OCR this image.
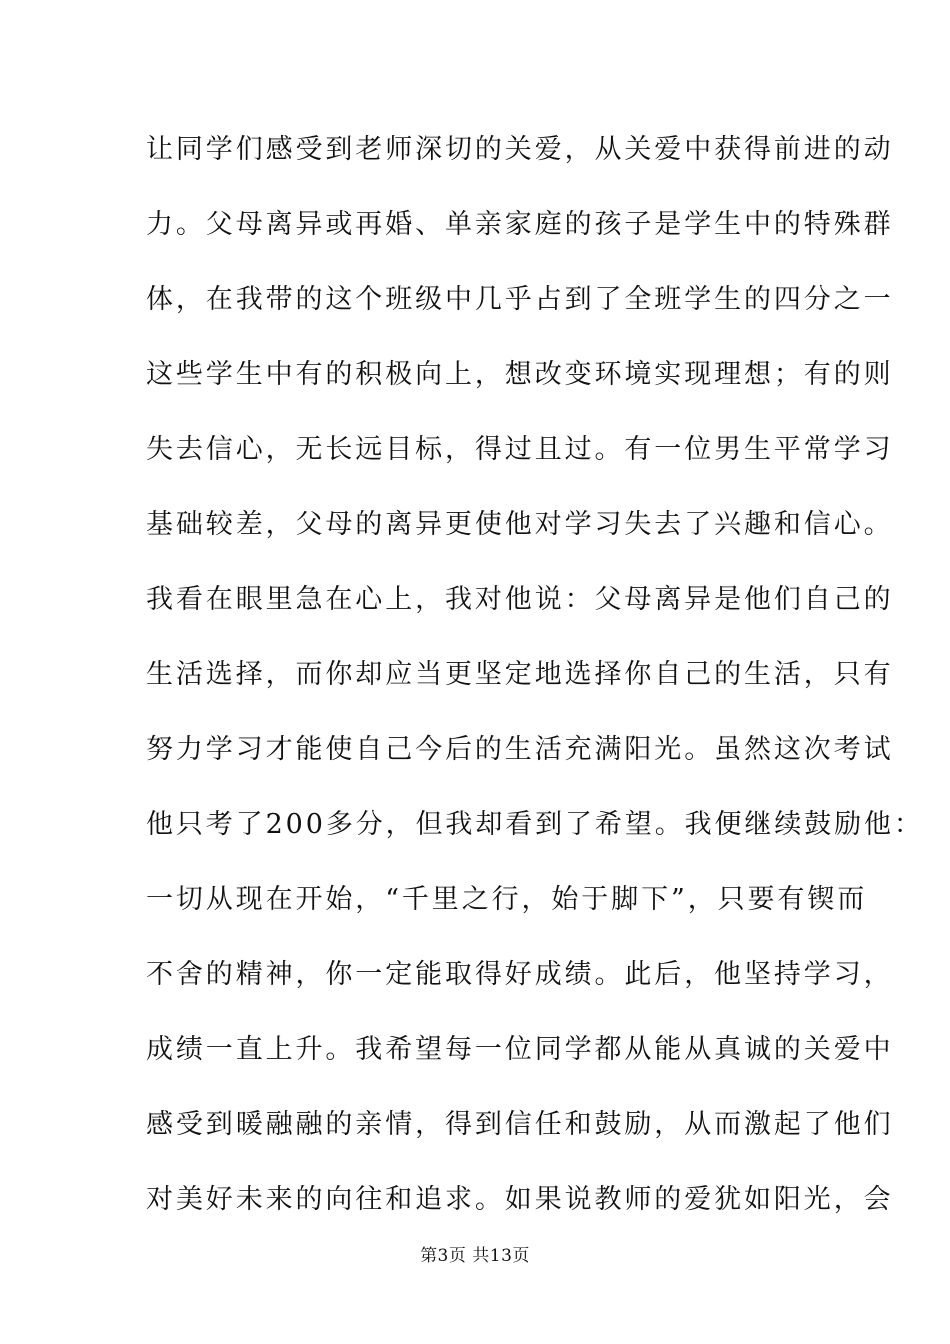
让同学们感受到老师深切的关爱，从关爱中获得前进的动
力。父母离异或再婚、单亲家庭的孩子是学生中的特殊群
体，在我带的这个班级中几乎占到了全班学生的四分之一
这些学生中有的积极向上，想改变环境实现理想；有的则
失去信心，无长远目标，得过且过。有一位男生平常学习
基础较差，父母的离异更使他对学习失去了兴趣和信心。
我看在眼里急在心上，我对他说：父母离异是他们自己的
生活选择，而你却应当更坚定地选择你自己的生活，只有
努力学习才能使自己今后的生活充满阳光。虽然这次考试
他只考了200多分，但我却看到了希望。我便继续鼓励他：
一切从现在开始，“千里之行，始于脚下”，只要有锲而
不舍的精神，你一定能取得好成绩。此后，他坚持学习，
成绩一直上升。我希望每一位同学都从能从真诚的关爱中
感受到暖融融的亲情，得到信任和鼓励，从而激起了他们
对美好未来的向往和追求。如果说教师的爱犹如阳光，会
第3页 共13页
